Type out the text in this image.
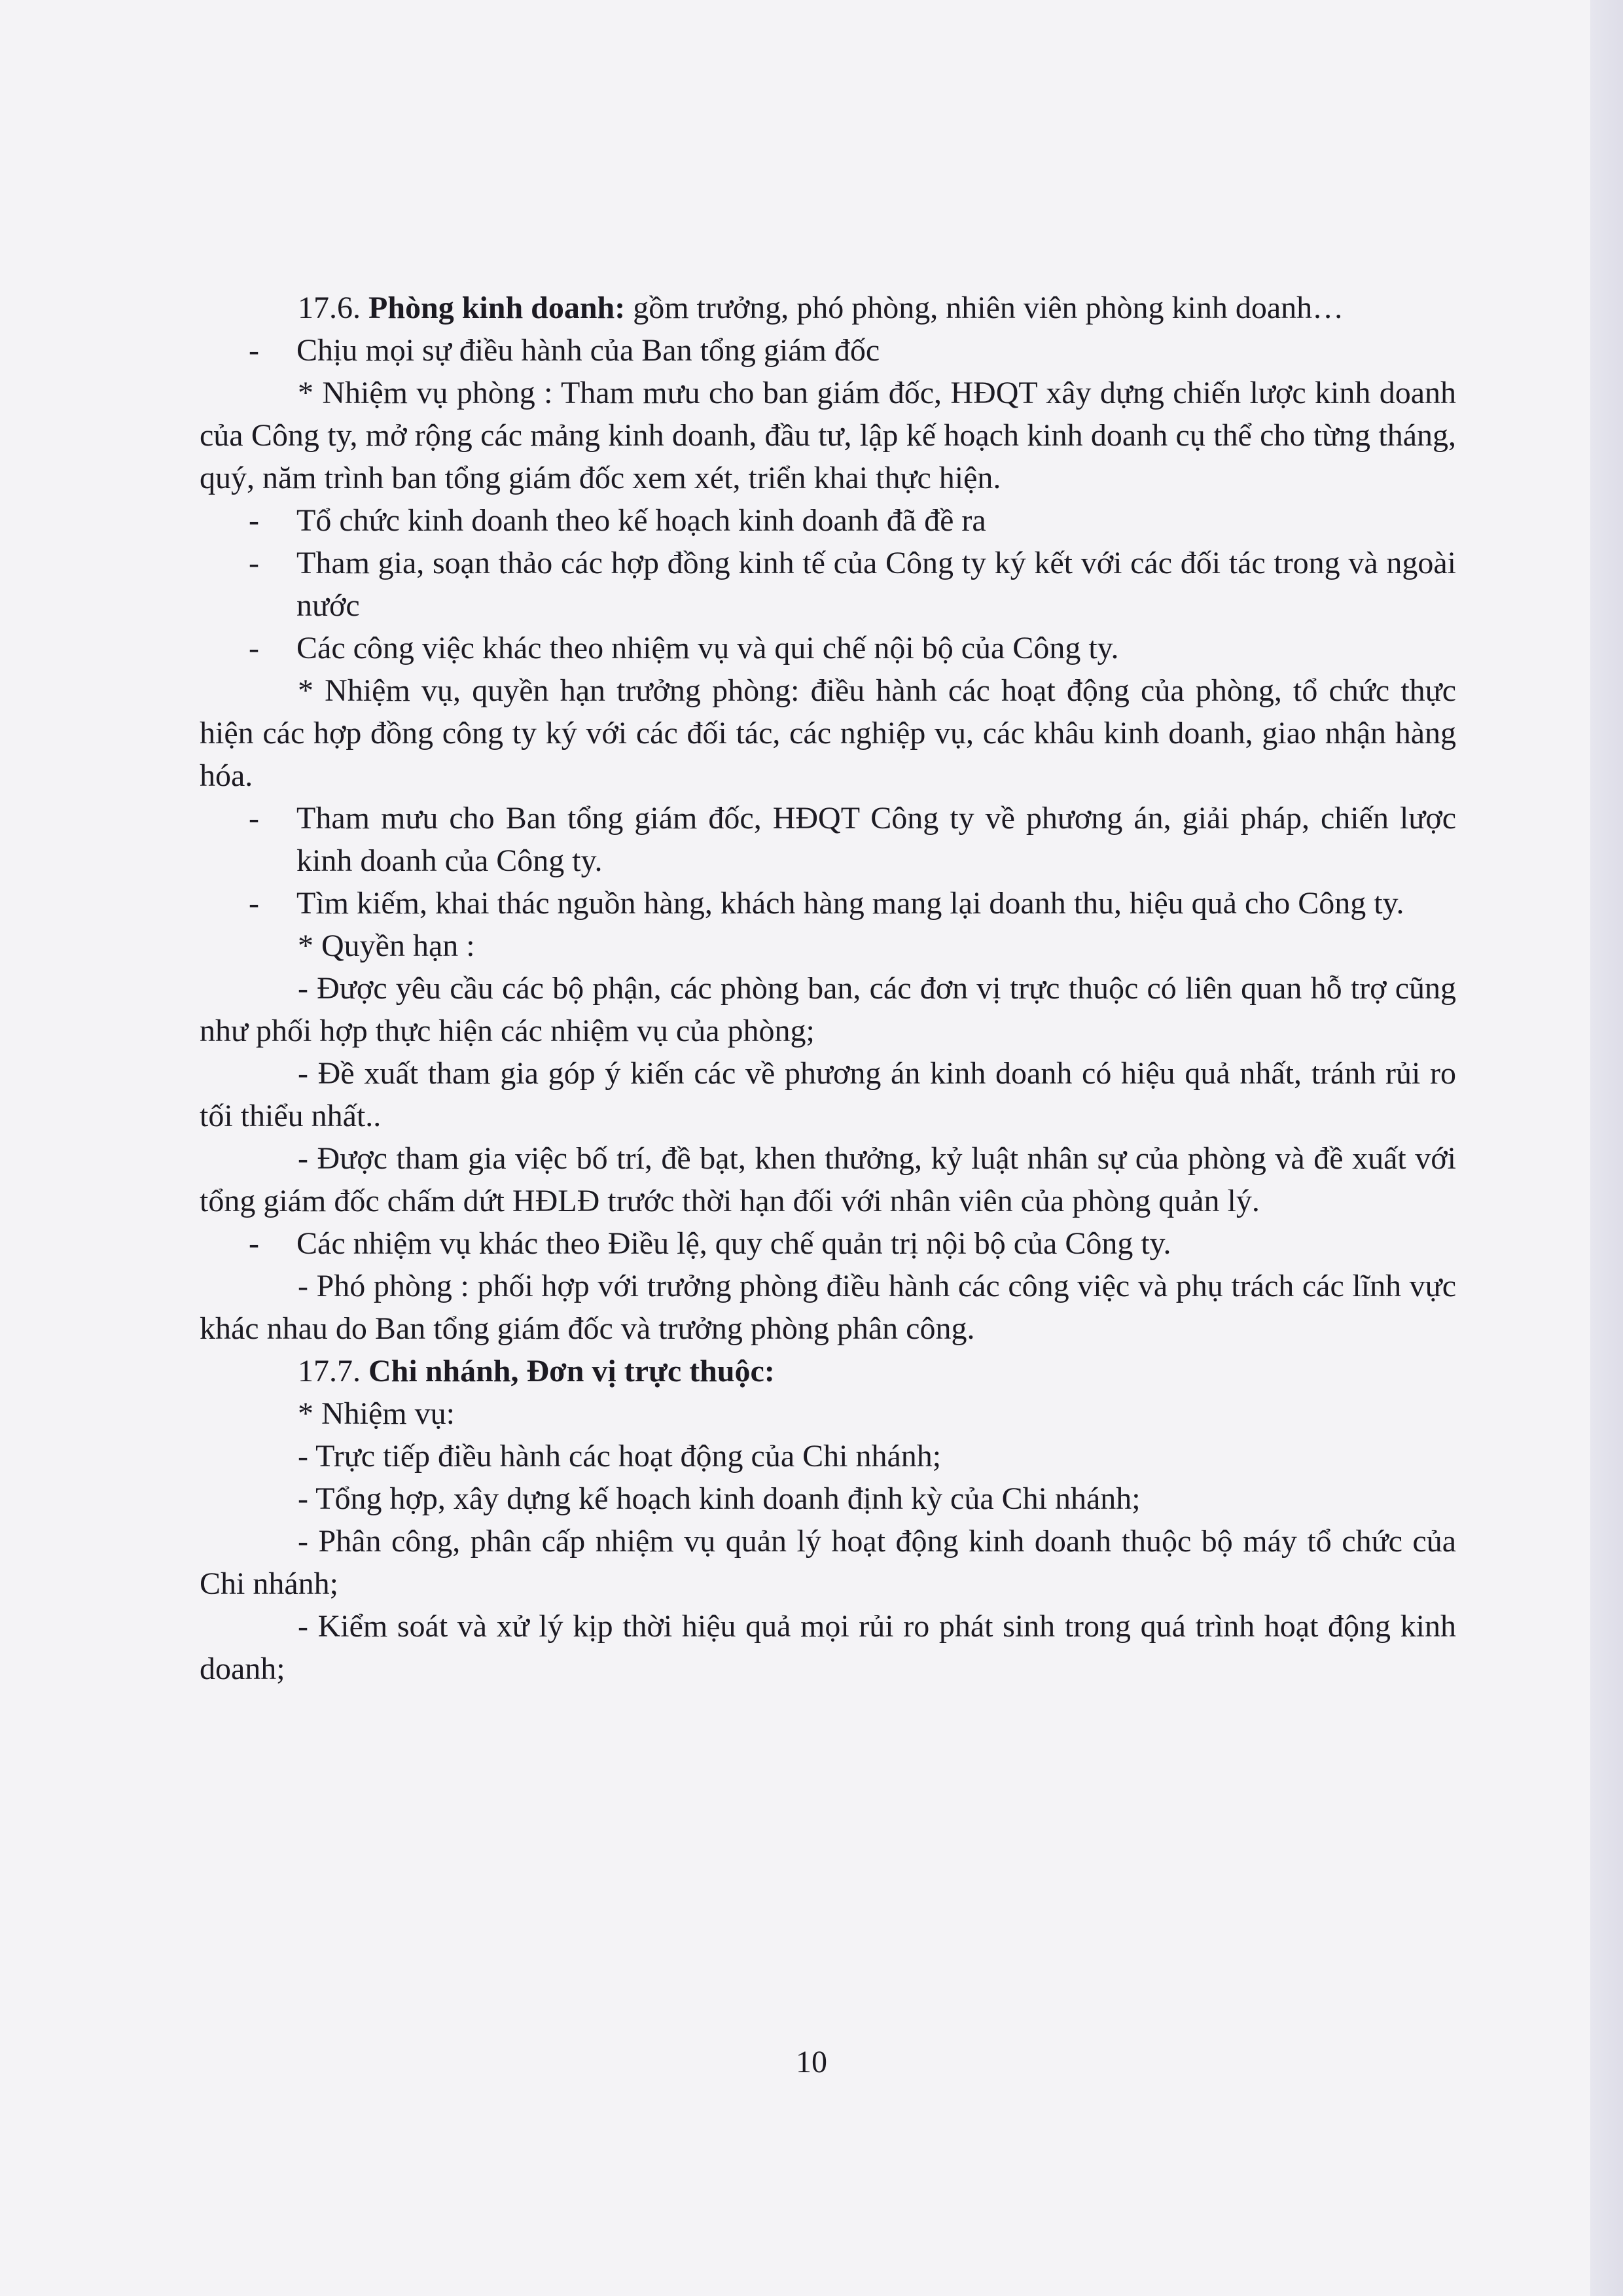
17.6. Phòng kinh doanh: gồm trưởng, phó phòng, nhiên viên phòng kinh doanh…

- Chịu mọi sự điều hành của Ban tổng giám đốc

* Nhiệm vụ phòng : Tham mưu cho ban giám đốc, HĐQT xây dựng chiến lược kinh doanh của Công ty, mở rộng các mảng kinh doanh, đầu tư, lập kế hoạch kinh doanh cụ thể cho từng tháng, quý, năm trình ban tổng giám đốc xem xét, triển khai thực hiện.

- Tổ chức kinh doanh theo kế hoạch kinh doanh đã đề ra

- Tham gia, soạn thảo các hợp đồng kinh tế của Công ty ký kết với các đối tác trong và ngoài nước

- Các công việc khác theo nhiệm vụ và qui chế nội bộ của Công ty.

* Nhiệm vụ, quyền hạn trưởng phòng: điều hành các hoạt động của phòng, tổ chức thực hiện các hợp đồng công ty ký với các đối tác, các nghiệp vụ, các khâu kinh doanh, giao nhận hàng hóa.

- Tham mưu cho Ban tổng giám đốc, HĐQT Công ty về phương án, giải pháp, chiến lược kinh doanh của Công ty.

- Tìm kiếm, khai thác nguồn hàng, khách hàng mang lại doanh thu, hiệu quả cho Công ty.

* Quyền hạn :

- Được yêu cầu các bộ phận, các phòng ban, các đơn vị trực thuộc có liên quan hỗ trợ cũng như phối hợp thực hiện các nhiệm vụ của phòng;

- Đề xuất tham gia góp ý kiến các về phương án kinh doanh có hiệu quả nhất, tránh rủi ro tối thiểu nhất..

- Được tham gia việc bố trí, đề bạt, khen thưởng, kỷ luật nhân sự của phòng và đề xuất với tổng giám đốc chấm dứt HĐLĐ trước thời hạn đối với nhân viên của phòng quản lý.

- Các nhiệm vụ khác theo Điều lệ, quy chế quản trị nội bộ của Công ty.

- Phó phòng : phối hợp với trưởng phòng điều hành các công việc và phụ trách các lĩnh vực khác nhau do Ban tổng giám đốc và trưởng phòng phân công.

17.7. Chi nhánh, Đơn vị trực thuộc:

* Nhiệm vụ:

- Trực tiếp điều hành các hoạt động của Chi nhánh;

- Tổng hợp, xây dựng kế hoạch kinh doanh định kỳ của Chi nhánh;

- Phân công, phân cấp nhiệm vụ quản lý hoạt động kinh doanh thuộc bộ máy tổ chức của Chi nhánh;

- Kiểm soát và xử lý kịp thời hiệu quả mọi rủi ro phát sinh trong quá trình hoạt động kinh doanh;

10
